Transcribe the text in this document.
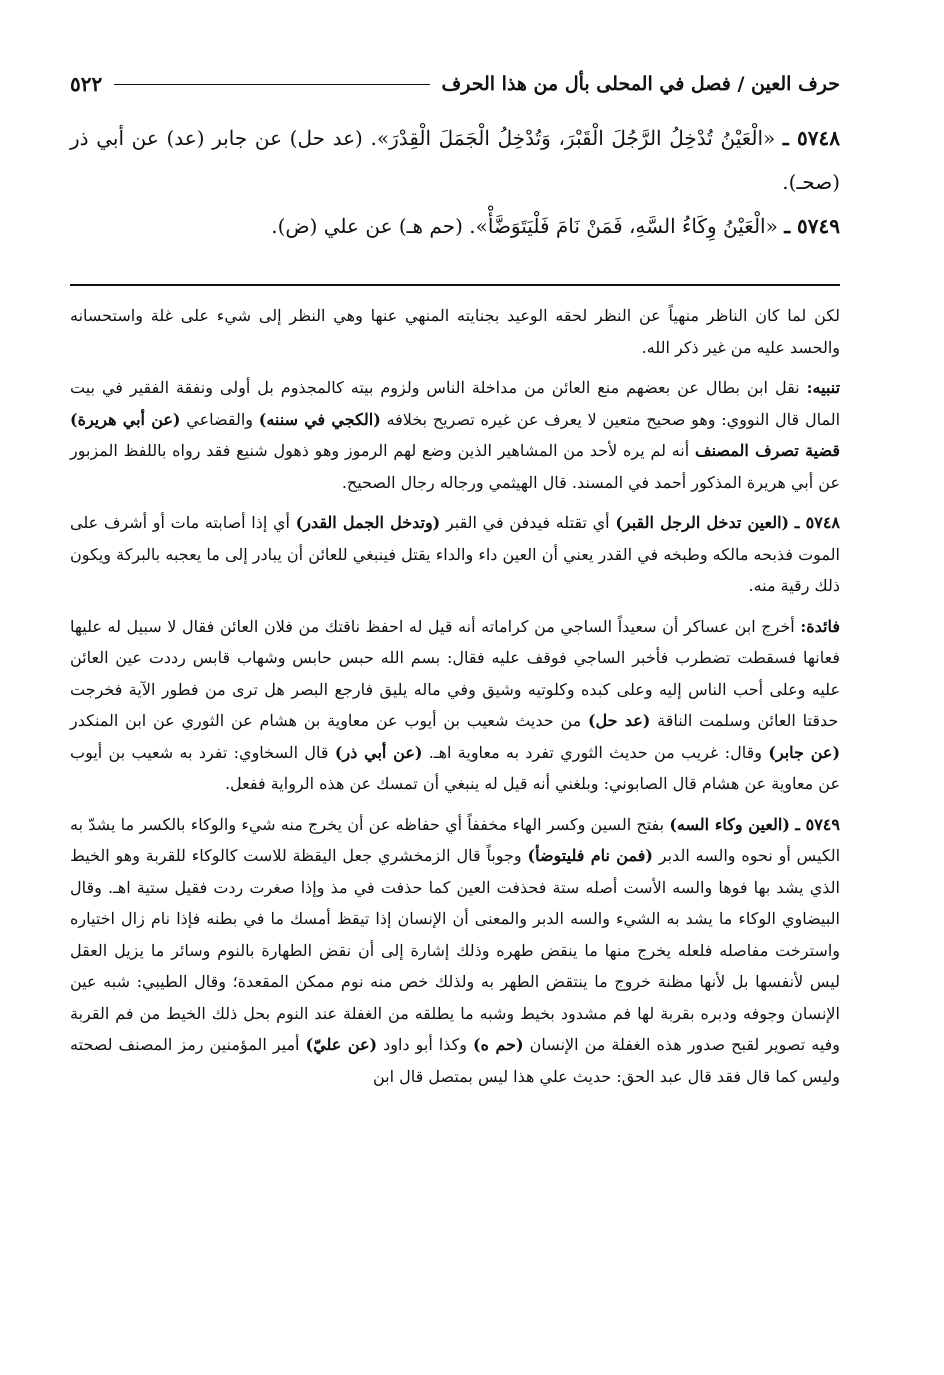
حرف العين / فصل في المحلى بأل من هذا الحرف
٥٢٢

٥٧٤٨ ـ «الْعَيْنُ تُدْخِلُ الرَّجُلَ الْقَبْرَ، وَتُدْخِلُ الْجَمَلَ الْقِدْرَ». (عد حل) عن جابر (عد) عن أبي ذر (صحـ).

٥٧٤٩ ـ «الْعَيْنُ وِكَاءُ السَّهِ، فَمَنْ نَامَ فَلْيَتَوَضَّأْ». (حم هـ) عن علي (ض).

لكن لما كان الناظر منهياً عن النظر لحقه الوعيد بجنايته المنهي عنها وهي النظر إلى شيء على غلة واستحسانه والحسد عليه من غير ذكر الله.

تنبيه: نقل ابن بطال عن بعضهم منع العائن من مداخلة الناس ولزوم بيته كالمجذوم بل أولى ونفقة الفقير في بيت المال قال النووي: وهو صحيح متعين لا يعرف عن غيره تصريح بخلافه (الكجي في سننه) والقضاعي (عن أبي هريرة) قضية تصرف المصنف أنه لم يره لأحد من المشاهير الذين وضع لهم الرموز وهو ذهول شنيع فقد رواه باللفظ المزبور عن أبي هريرة المذكور أحمد في المسند. قال الهيثمي ورجاله رجال الصحيح.

٥٧٤٨ ـ (العين تدخل الرجل القبر) أي تقتله فيدفن في القبر (وتدخل الجمل القدر) أي إذا أصابته مات أو أشرف على الموت فذبحه مالكه وطبخه في القدر يعني أن العين داء والداء يقتل فينبغي للعائن أن يبادر إلى ما يعجبه بالبركة ويكون ذلك رقية منه.

فائدة: أخرج ابن عساكر أن سعيداً الساجي من كراماته أنه قيل له احفظ ناقتك من فلان العائن فقال لا سبيل له عليها فعانها فسقطت تضطرب فأخبر الساجي فوقف عليه فقال: بسم الله حبس حابس وشهاب قابس رددت عين العائن عليه وعلى أحب الناس إليه وعلى كبده وكلوتيه وشيق وفي ماله يليق فارجع البصر هل ترى من فطور الآية فخرجت حدقتا العائن وسلمت الناقة (عد حل) من حديث شعيب بن أيوب عن معاوية بن هشام عن الثوري عن ابن المنكدر (عن جابر) وقال: غريب من حديث الثوري تفرد به معاوية اهـ. (عن أبي ذر) قال السخاوي: تفرد به شعيب بن أيوب عن معاوية عن هشام قال الصابوني: وبلغني أنه قيل له ينبغي أن تمسك عن هذه الرواية ففعل.

٥٧٤٩ ـ (العين وكاء السه) بفتح السين وكسر الهاء مخففاً أي حفاظه عن أن يخرج منه شيء والوكاء بالكسر ما يشدّ به الكيس أو نحوه والسه الدبر (فمن نام فليتوضأ) وجوباً قال الزمخشري جعل اليقظة للاست كالوكاء للقربة وهو الخيط الذي يشد بها فوها والسه الأست أصله ستة فحذفت العين كما حذفت في مذ وإذا صغرت ردت فقيل ستية اهـ. وقال البيضاوي الوكاء ما يشد به الشيء والسه الدبر والمعنى أن الإنسان إذا تيقظ أمسك ما في بطنه فإذا نام زال اختياره واسترخت مفاصله فلعله يخرج منها ما ينقض طهره وذلك إشارة إلى أن نقض الطهارة بالنوم وسائر ما يزيل العقل ليس لأنفسها بل لأنها مظنة خروج ما ينتقض الطهر به ولذلك خص منه نوم ممكن المقعدة؛ وقال الطيبي: شبه عين الإنسان وجوفه ودبره بقربة لها فم مشدود بخيط وشبه ما يطلقه من الغفلة عند النوم بحل ذلك الخيط من فم القربة وفيه تصوير لقبح صدور هذه الغفلة من الإنسان (حم ه) وكذا أبو داود (عن عليّ) أمير المؤمنين رمز المصنف لصحته وليس كما قال فقد قال عبد الحق: حديث علي هذا ليس بمتصل قال ابن
